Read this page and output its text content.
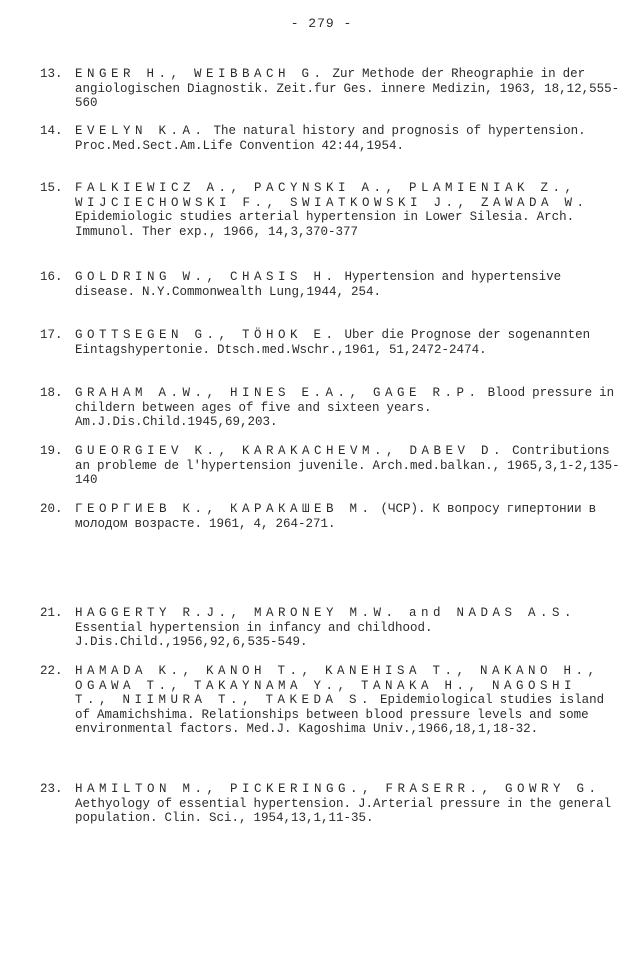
- 279 -
13. ENGER H., WEIBBACH G. Zur Methode der Rheographie in der angiologischen Diagnostik. Zeit.fur Ges. innere Medizin, 1963, 18,12,555-560
14. EVELYN K.A. The natural history and prognosis of hypertension. Proc.Med.Sect.Am.Life Convention 42:44,1954.
15. FALKIEWICZ A., PACYNSKI A., PLAMIENIAK Z., WIJCIECHOWSKI F., SWIATKOWSKI J., ZAWADA W. Epidemiologic studies arterial hypertension in Lower Silesia. Arch. Immunol. Ther exp., 1966, 14,3,370-377
16. GOLDRING W., CHASIS H. Hypertension and hypertensive disease. N.Y.Commonwealth Lung,1944, 254.
17. GOTTSEGEN G., TÖHOK E. Uber die Prognose der sogenannten Eintagshypertonie. Dtsch.med.Wschr.,1961, 51,2472-2474.
18. GRAHAM A.W., HINES E.A., GAGE R.P. Blood pressure in childern between ages of five and sixteen years. Am.J.Dis.Child.1945,69,203.
19. GUEORGIEV K., KARAKACHEVM., DABEV D. Contributions an probleme de l'hypertension juvenile. Arch.med.balkan., 1965,3,1-2,135-140
20. ГЕОРГИЕВ К., КАРАКАШЕВ М. (ЧСР). К вопросу гипертонии в молодом возрасте. 1961, 4, 264-271.
21. HAGGERTY R.J., MARONEY M.W. and NADAS A.S. Essential hypertension in infancy and childhood. J.Dis.Child.,1956,92,6,535-549.
22. HAMADA K., KANOH T., KANEHISA T., NAKANO H., OGAWA T., TAKAYNAMA Y., TANAKA H., NAGOSHI T., NIIMURA T., TAKEDA S. Epidemiological studies island of Amamichshima. Relationships between blood pressure levels and some environmental factors. Med.J. Kagoshima Univ.,1966,18,1,18-32.
23. HAMILTON M., PICKERINGG., FRASERR., GOWRY G. Aethyology of essential hypertension. J.Arterial pressure in the general population. Clin. Sci., 1954,13,1,11-35.
